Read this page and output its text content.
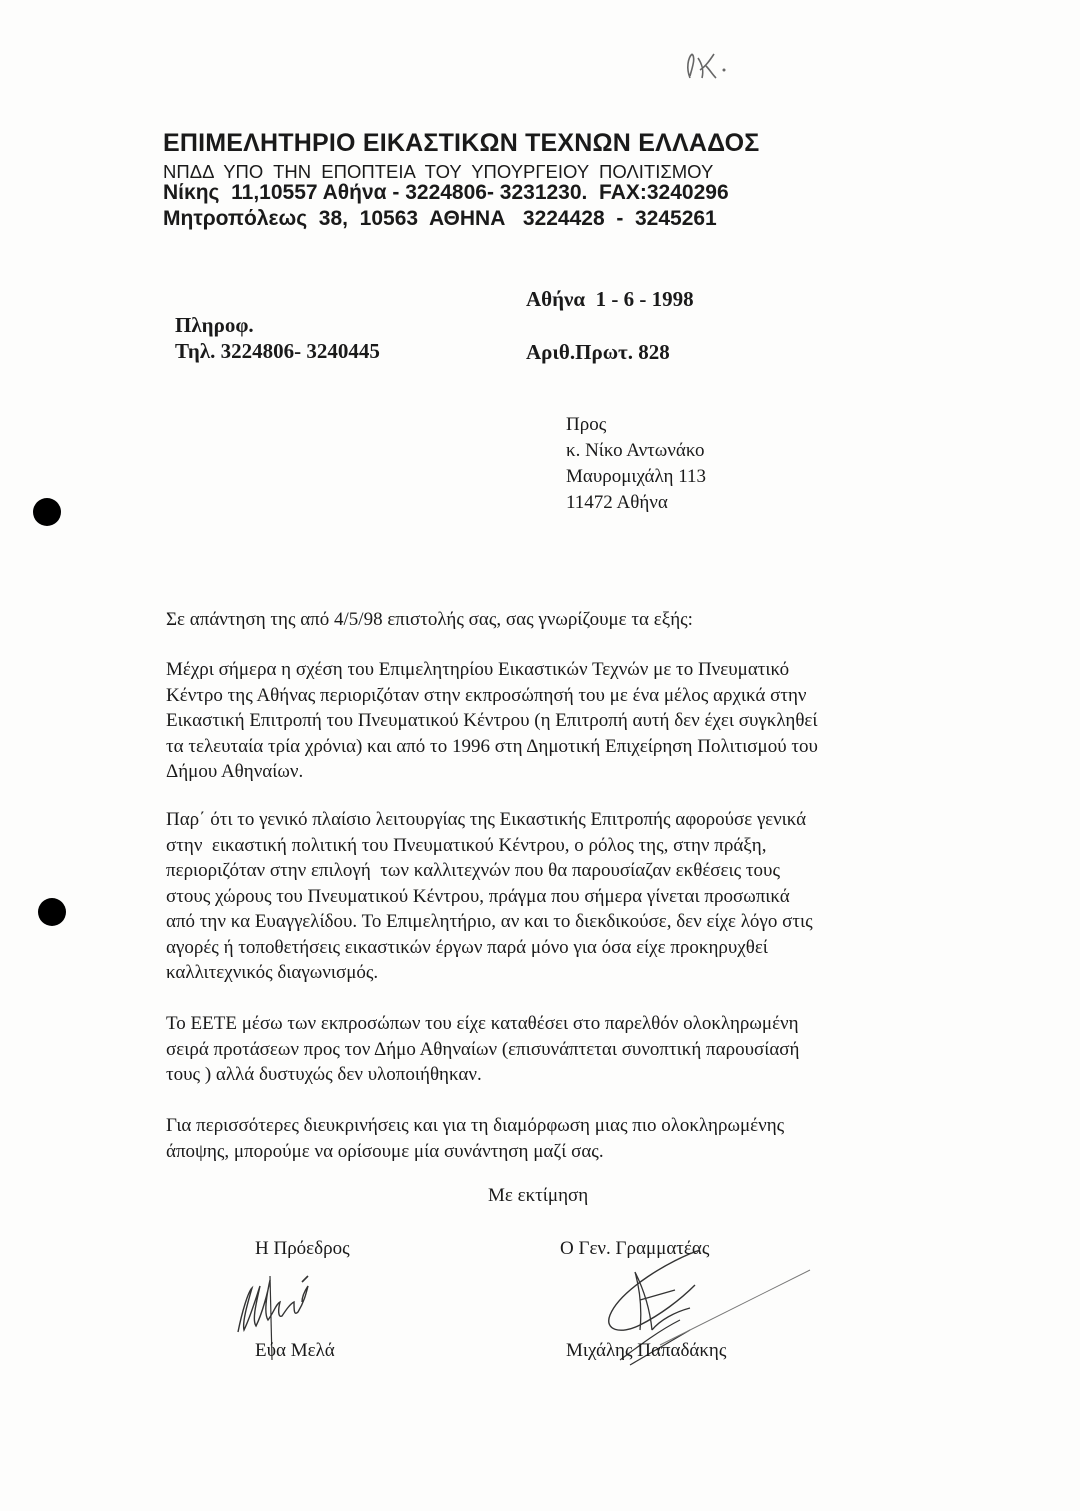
ΕΠΙΜΕΛΗΤΗΡΙΟ ΕΙΚΑΣΤΙΚΩΝ ΤΕΧΝΩΝ ΕΛΛΑΔΟΣ
ΝΠΔΔ ΥΠΟ ΤΗΝ ΕΠΟΠΤΕΙΑ ΤΟΥ ΥΠΟΥΡΓΕΙΟΥ ΠΟΛΙΤΙΣΜΟΥ
Νίκης  11,10557 Αθήνα - 3224806- 3231230.  FAX:3240296
Μητροπόλεως  38,  10563  ΑΘΗΝΑ   3224428  -  3245261
Πληροφ.
Τηλ. 3224806- 3240445
Αθήνα  1 - 6 - 1998
Αριθ.Πρωτ. 828
Προς
κ. Νίκο Αντωνάκο
Μαυρομιχάλη 113
11472 Αθήνα
Σε απάντηση της από 4/5/98 επιστολής σας, σας γνωρίζουμε τα εξής:
Μέχρι σήμερα η σχέση του Επιμελητηρίου Εικαστικών Τεχνών με το Πνευματικό
Κέντρο της Αθήνας περιοριζόταν στην εκπροσώπησή του με ένα μέλος αρχικά στην
Εικαστική Επιτροπή του Πνευματικού Κέντρου (η Επιτροπή αυτή δεν έχει συγκληθεί
τα τελευταία τρία χρόνια) και από το 1996 στη Δημοτική Επιχείρηση Πολιτισμού του
Δήμου Αθηναίων.
Παρ΄ ότι το γενικό πλαίσιο λειτουργίας της Εικαστικής Επιτροπής αφορούσε γενικά
στην  εικαστική πολιτική του Πνευματικού Κέντρου, ο ρόλος της, στην πράξη,
περιοριζόταν στην επιλογή  των καλλιτεχνών που θα παρουσίαζαν εκθέσεις τους
στους χώρους του Πνευματικού Κέντρου, πράγμα που σήμερα γίνεται προσωπικά
από την κα Ευαγγελίδου. Το Επιμελητήριο, αν και το διεκδικούσε, δεν είχε λόγο στις
αγορές ή τοποθετήσεις εικαστικών έργων παρά μόνο για όσα είχε προκηρυχθεί
καλλιτεχνικός διαγωνισμός.
Το ΕΕΤΕ μέσω των εκπροσώπων του είχε καταθέσει στο παρελθόν ολοκληρωμένη
σειρά προτάσεων προς τον Δήμο Αθηναίων (επισυνάπτεται συνοπτική παρουσίασή
τους ) αλλά δυστυχώς δεν υλοποιήθηκαν.
Για περισσότερες διευκρινήσεις και για τη διαμόρφωση μιας πιο ολοκληρωμένης
άποψης, μπορούμε να ορίσουμε μία συνάντηση μαζί σας.
Με εκτίμηση
Η Πρόεδρος	Ο Γεν. Γραμματέας
Εύα Μελά	Μιχάλης Παπαδάκης
